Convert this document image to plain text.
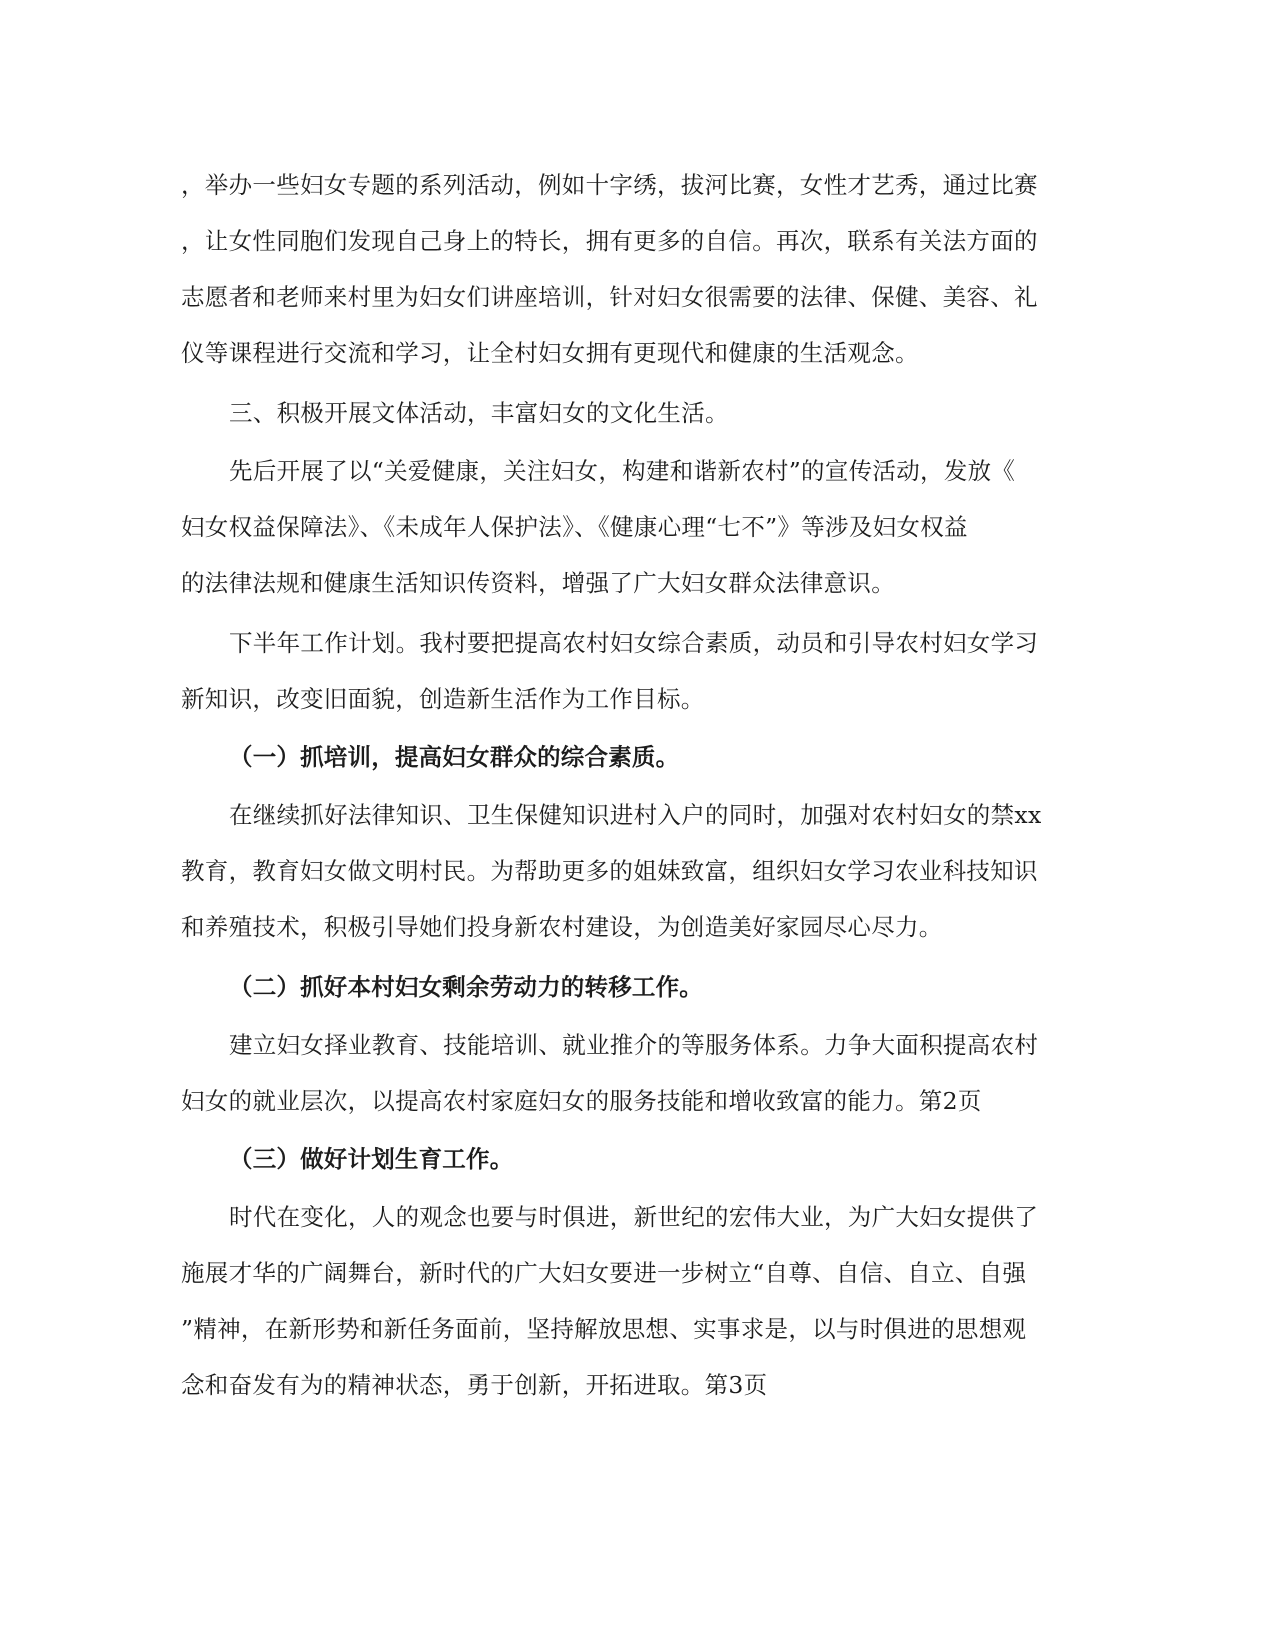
，举办一些妇女专题的系列活动，例如十字绣，拔河比赛，女性才艺秀，通过比赛
，让女性同胞们发现自己身上的特长，拥有更多的自信。再次，联系有关法方面的
志愿者和老师来村里为妇女们讲座培训，针对妇女很需要的法律、保健、美容、礼
仪等课程进行交流和学习，让全村妇女拥有更现代和健康的生活观念。
三、积极开展文体活动，丰富妇女的文化生活。
先后开展了以“关爱健康，关注妇女，构建和谐新农村”的宣传活动，发放《
妇女权益保障法》、《未成年人保护法》、《健康心理“七不”》等涉及妇女权益
的法律法规和健康生活知识传资料，增强了广大妇女群众法律意识。
下半年工作计划。我村要把提高农村妇女综合素质，动员和引导农村妇女学习
新知识，改变旧面貌，创造新生活作为工作目标。
（一）抓培训，提高妇女群众的综合素质。
在继续抓好法律知识、卫生保健知识进村入户的同时，加强对农村妇女的禁xx
教育，教育妇女做文明村民。为帮助更多的姐妹致富，组织妇女学习农业科技知识
和养殖技术，积极引导她们投身新农村建设，为创造美好家园尽心尽力。
（二）抓好本村妇女剩余劳动力的转移工作。
建立妇女择业教育、技能培训、就业推介的等服务体系。力争大面积提高农村
妇女的就业层次，以提高农村家庭妇女的服务技能和增收致富的能力。第2页
（三）做好计划生育工作。
时代在变化，人的观念也要与时俱进，新世纪的宏伟大业，为广大妇女提供了
施展才华的广阔舞台，新时代的广大妇女要进一步树立“自尊、自信、自立、自强
”精神，在新形势和新任务面前，坚持解放思想、实事求是，以与时俱进的思想观
念和奋发有为的精神状态，勇于创新，开拓进取。第3页
